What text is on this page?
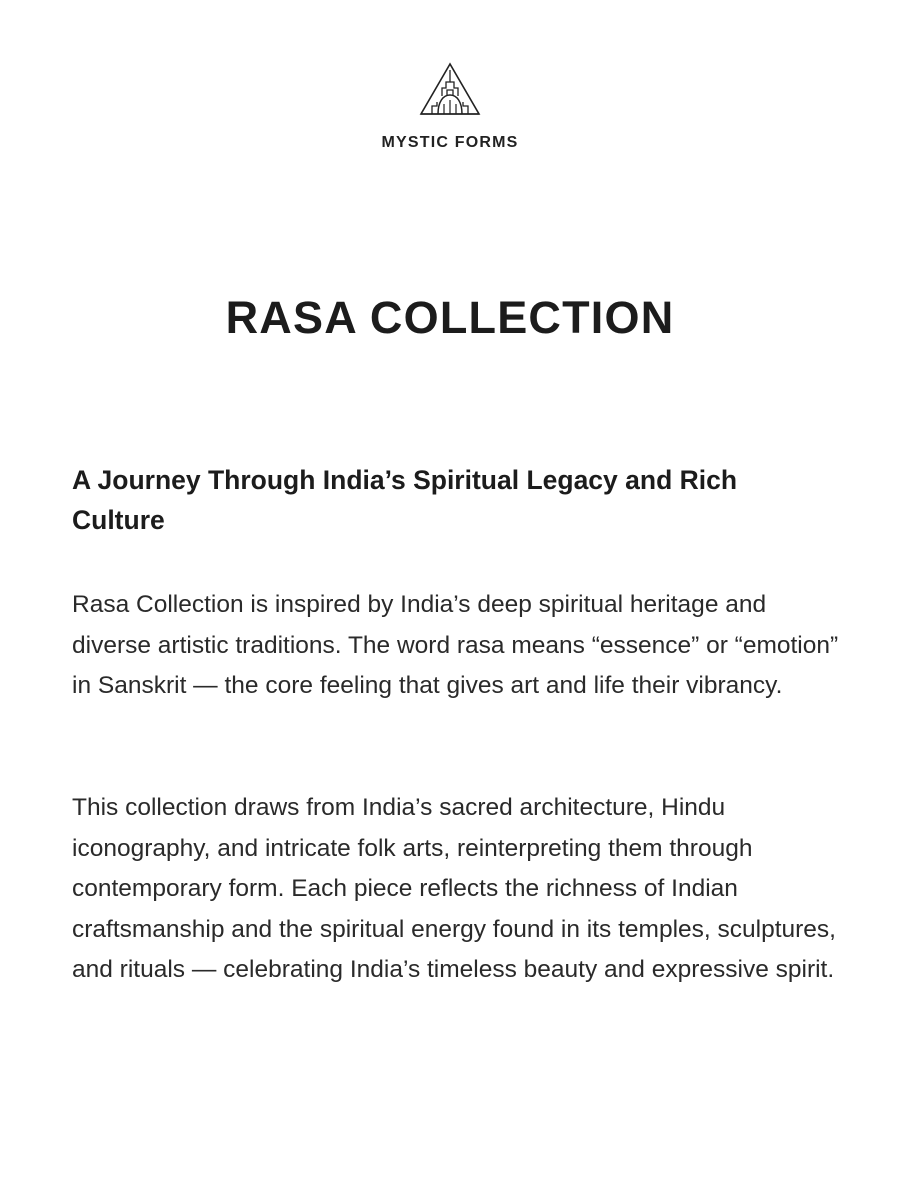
MYSTIC FORMS
RASA COLLECTION
A Journey Through India’s Spiritual Legacy and Rich Culture

Rasa Collection is inspired by India’s deep spiritual heritage and diverse artistic traditions. The word rasa means “essence” or “emotion” in Sanskrit — the core feeling that gives art and life their vibrancy.

This collection draws from India’s sacred architecture, Hindu iconography, and intricate folk arts, reinterpreting them through contemporary form. Each piece reflects the richness of Indian craftsmanship and the spiritual energy found in its temples, sculptures, and rituals — celebrating India’s timeless beauty and expressive spirit.
